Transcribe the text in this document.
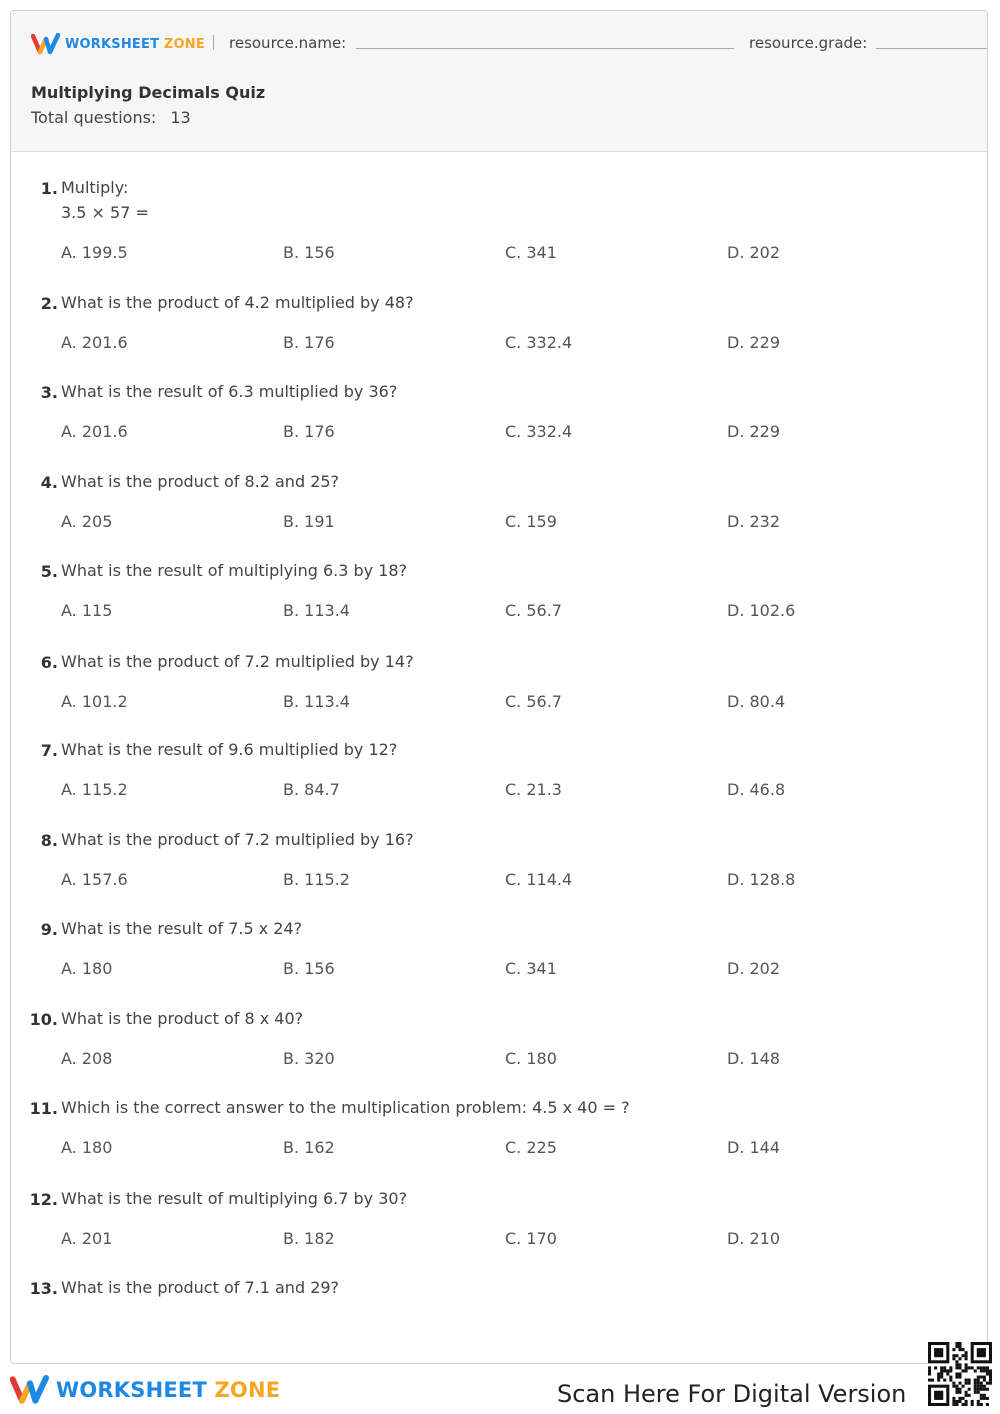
WORKSHEET ZONE resource.name:	resource.grade:
Multiplying Decimals Quiz
Total questions: 13
1. Multiply:
3.5 × 57 =
A. 199.5	B. 156	C. 341	D. 202
2. What is the product of 4.2 multiplied by 48?
A. 201.6	B. 176	C. 332.4	D. 229
3. What is the result of 6.3 multiplied by 36?
A. 201.6	B. 176	C. 332.4	D. 229
4. What is the product of 8.2 and 25?
A. 205	B. 191	C. 159	D. 232
5. What is the result of multiplying 6.3 by 18?
A. 115	B. 113.4	C. 56.7	D. 102.6
6. What is the product of 7.2 multiplied by 14?
A. 101.2	B. 113.4	C. 56.7	D. 80.4
7. What is the result of 9.6 multiplied by 12?
A. 115.2	B. 84.7	C. 21.3	D. 46.8
8. What is the product of 7.2 multiplied by 16?
A. 157.6	B. 115.2	C. 114.4	D. 128.8
9. What is the result of 7.5 x 24?
A. 180	B. 156	C. 341	D. 202
10. What is the product of 8 x 40?
A. 208	B. 320	C. 180	D. 148
11. Which is the correct answer to the multiplication problem: 4.5 x 40 = ?
A. 180	B. 162	C. 225	D. 144
12. What is the result of multiplying 6.7 by 30?
A. 201	B. 182	C. 170	D. 210
13. What is the product of 7.1 and 29?
WORKSHEET ZONE	Scan Here For Digital Version
